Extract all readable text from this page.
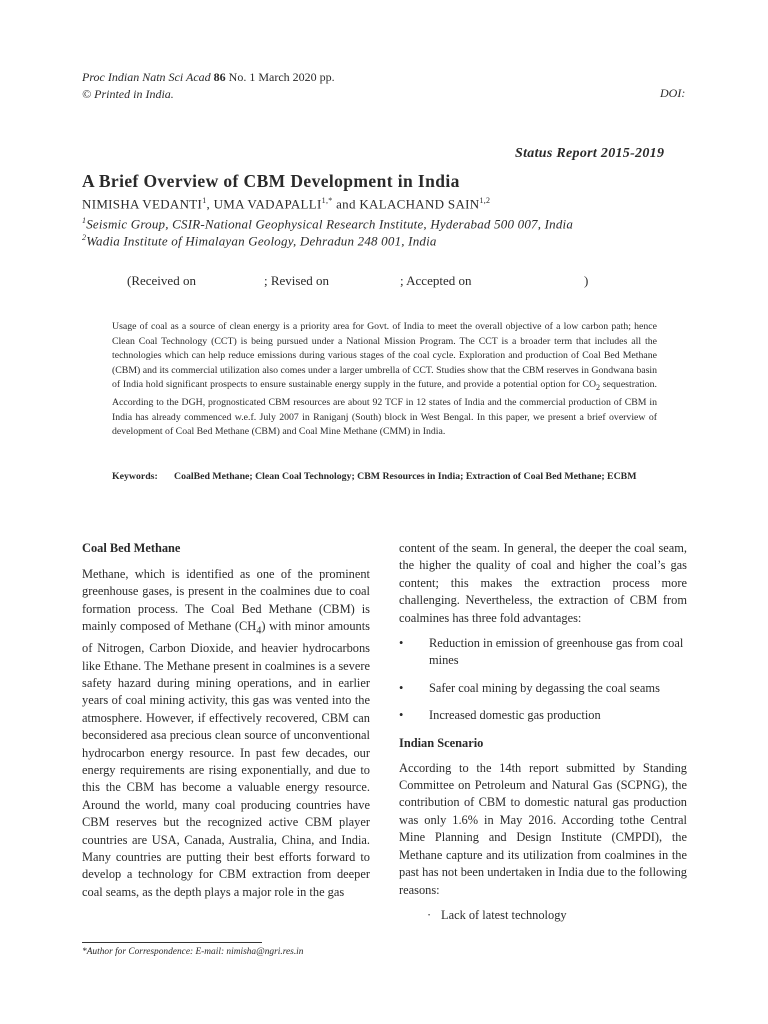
Proc Indian Natn Sci Acad 86 No. 1 March 2020 pp.
© Printed in India.	DOI:
Status Report 2015-2019
A Brief Overview of CBM Development in India
NIMISHA VEDANTI$^1$, UMA $VADAPALLI^{1,*}$ and KALACHAND SAIN$^{1,2}$
$^1$Seismic Group, CSIR-National Geophysical Research Institute, Hyderabad 500 007, India
$^2$Wadia Institute of Himalayan Geology, Dehradun 248 001, India
(Received on	; Revised on	; Accepted on	)
Usage of coal as a source of clean energy is a priority area for Govt. of India to meet the overall objective of a low carbon path; hence Clean Coal Technology (CCT) is being pursued under a National Mission Program. The CCT is a broader term that includes all the technologies which can help reduce emissions during various stages of the coal cycle. Exploration and production of Coal Bed Methane (CBM) and its commercial utilization also comes under a larger umbrella of CCT. Studies show that the CBM reserves in Gondwana basin of India hold significant prospects to ensure sustainable energy supply in the future, and provide a potential option for $CO_2$ sequestration. According to the DGH, prognosticated CBM resources are about 92 TCF in 12 states of India and the commercial production of CBM in India has already commenced w.e.f. July 2007 in Raniganj (South) block in West Bengal. In this paper, we present a brief overview of development of Coal Bed Methane (CBM) and Coal Mine Methane (CMM) in India.
Keywords: CoalBed Methane; Clean Coal Technology; CBM Resources in India; Extraction of Coal Bed Methane; ECBM
Coal Bed Methane

Methane, which is identified as one of the prominent greenhouse gases, is present in the coalmines due to coal formation process. The Coal Bed Methane (CBM) is mainly composed of Methane $(CH_4)$ with minor amounts of Nitrogen, Carbon Dioxide, and heavier hydrocarbons like Ethane. The Methane present in coalmines is a severe safety hazard during mining operations, and in earlier years of coal mining activity, this gas was vented into the atmosphere. However, if effectively recovered, CBM can beconsidered asa precious clean source of unconventional hydrocarbon energy resource. In past few decades, our energy requirements are rising exponentially, and due to this the CBM has become a valuable energy resource. Around the world, many coal producing countries have CBM reserves but the recognized active CBM player countries are USA, Canada, Australia, China, and India. Many countries are putting their best efforts forward to develop a technology for CBM extraction from deeper coal seams, as the depth plays a major role in the gas

content of the seam. In general, the deeper the coal seam, the higher the quality of coal and higher the coal’s gas content; this makes the extraction process more challenging. Nevertheless, the extraction of CBM from coalmines has three fold advantages:

• Reduction in emission of greenhouse gas from coal mines
• Safer coal mining by degassing the coal seams
• Increased domestic gas production
Indian Scenario

According to the 14th report submitted by Standing Committee on Petroleum and Natural Gas (SCPNG), the contribution of CBM to domestic natural gas production was only 1.6% in May 2016. According tothe Central Mine Planning and Design Institute (CMPDI), the Methane capture and its utilization from coalmines in the past has not been undertaken in India due to the following reasons:

· Lack of latest technology
*Author for Correspondence: E-mail: nimisha@ngri.res.in
